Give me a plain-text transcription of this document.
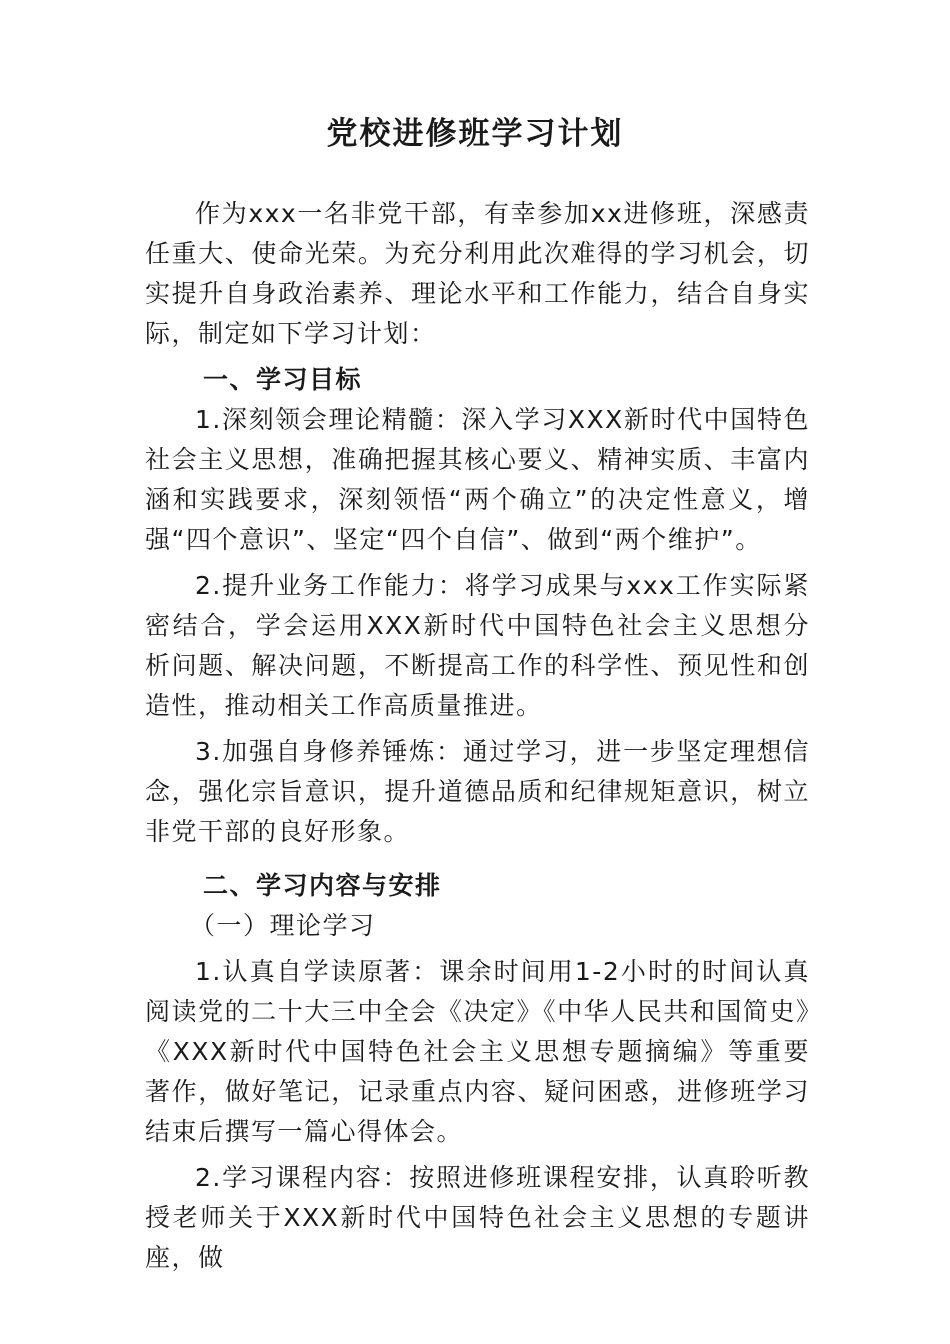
党校进修班学习计划

作为xxx一名非党干部，有幸参加xx进修班，深感责任重大、使命光荣。为充分利用此次难得的学习机会，切实提升自身政治素养、理论水平和工作能力，结合自身实际，制定如下学习计划：

一、学习目标

1.深刻领会理论精髓：深入学习XXX新时代中国特色社会主义思想，准确把握其核心要义、精神实质、丰富内涵和实践要求，深刻领悟“两个确立”的决定性意义，增强“四个意识”、坚定“四个自信”、做到“两个维护”。

2.提升业务工作能力：将学习成果与xxx工作实际紧密结合，学会运用XXX新时代中国特色社会主义思想分析问题、解决问题，不断提高工作的科学性、预见性和创造性，推动相关工作高质量推进。

3.加强自身修养锤炼：通过学习，进一步坚定理想信念，强化宗旨意识，提升道德品质和纪律规矩意识，树立非党干部的良好形象。

二、学习内容与安排

（一）理论学习

1.认真自学读原著：课余时间用1-2小时的时间认真阅读党的二十大三中全会《决定》《中华人民共和国简史》《XXX新时代中国特色社会主义思想专题摘编》等重要著作，做好笔记，记录重点内容、疑问困惑，进修班学习结束后撰写一篇心得体会。

2.学习课程内容：按照进修班课程安排，认真聆听教授老师关于XXX新时代中国特色社会主义思想的专题讲座，做
